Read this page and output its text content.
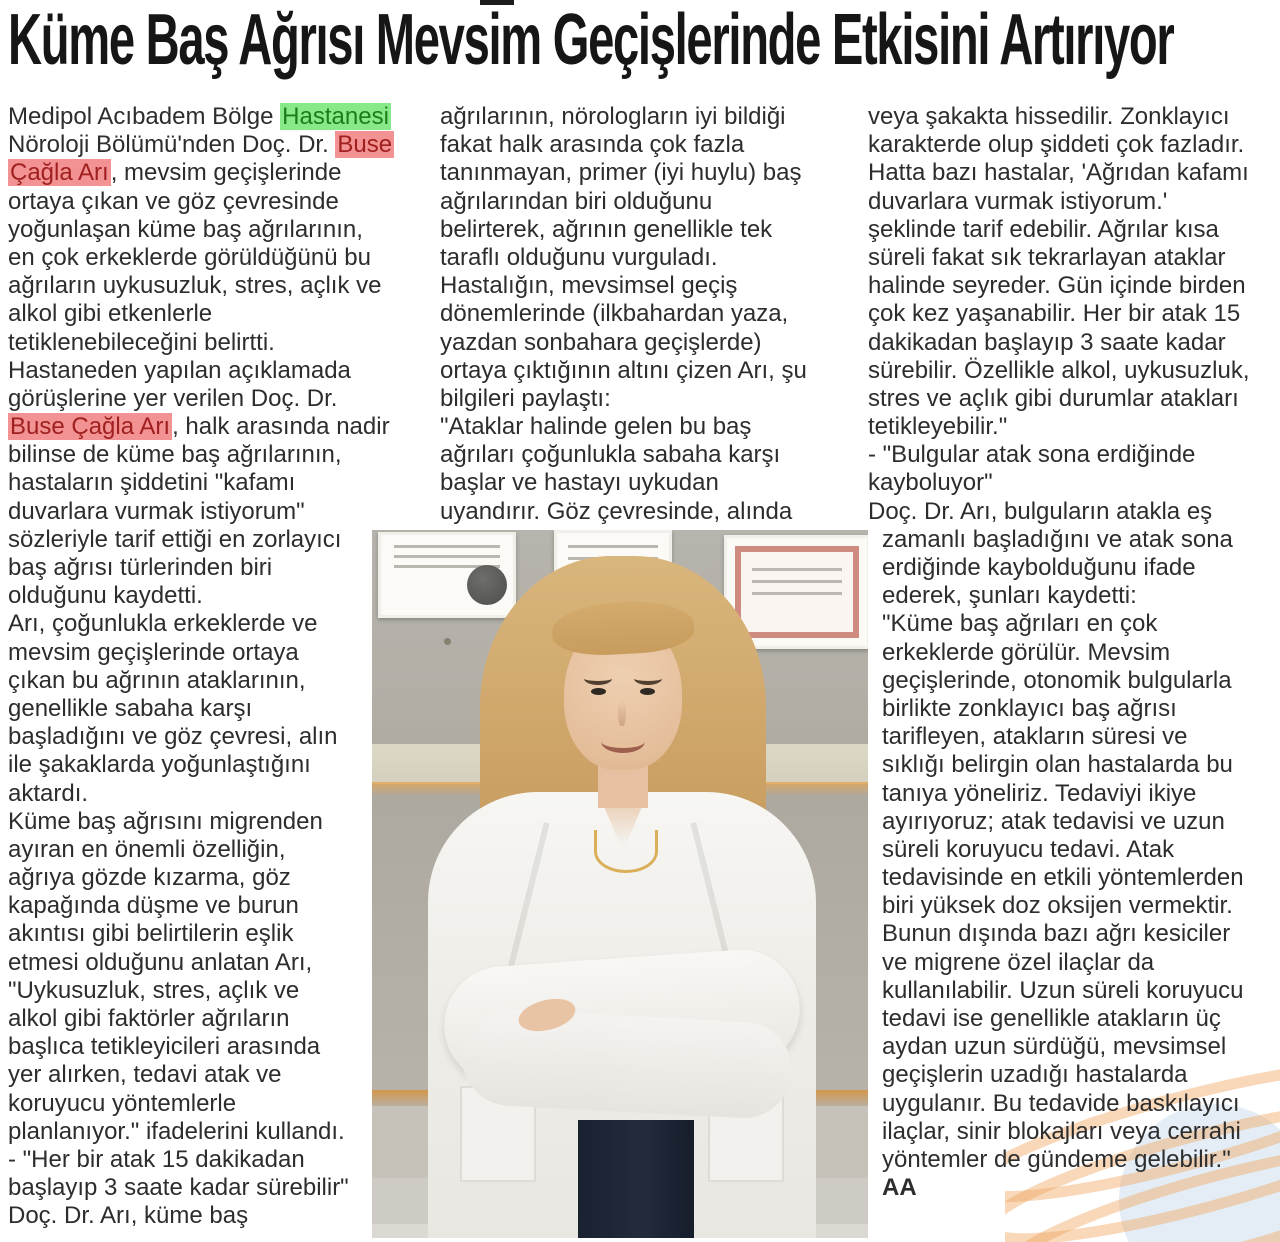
Küme Baş Ağrısı Mevsim Geçişlerinde Etkisini Artırıyor
Medipol Acıbadem Bölge Hastanesi
Nöroloji Bölümü'nden Doç. Dr. Buse
Çağla Arı, mevsim geçişlerinde
ortaya çıkan ve göz çevresinde
yoğunlaşan küme baş ağrılarının,
en çok erkeklerde görüldüğünü bu
ağrıların uykusuzluk, stres, açlık ve
alkol gibi etkenlerle
tetiklenebileceğini belirtti.
Hastaneden yapılan açıklamada
görüşlerine yer verilen Doç. Dr.
Buse Çağla Arı, halk arasında nadir
bilinse de küme baş ağrılarının,
hastaların şiddetini "kafamı
duvarlara vurmak istiyorum"
sözleriyle tarif ettiği en zorlayıcı
baş ağrısı türlerinden biri
olduğunu kaydetti.
Arı, çoğunlukla erkeklerde ve
mevsim geçişlerinde ortaya
çıkan bu ağrının ataklarının,
genellikle sabaha karşı
başladığını ve göz çevresi, alın
ile şakaklarda yoğunlaştığını
aktardı.
Küme baş ağrısını migrenden
ayıran en önemli özelliğin,
ağrıya gözde kızarma, göz
kapağında düşme ve burun
akıntısı gibi belirtilerin eşlik
etmesi olduğunu anlatan Arı,
"Uykusuzluk, stres, açlık ve
alkol gibi faktörler ağrıların
başlıca tetikleyicileri arasında
yer alırken, tedavi atak ve
koruyucu yöntemlerle
planlanıyor." ifadelerini kullandı.
- "Her bir atak 15 dakikadan
başlayıp 3 saate kadar sürebilir"
Doç. Dr. Arı, küme baş
ağrılarının, nörologların iyi bildiği
fakat halk arasında çok fazla
tanınmayan, primer (iyi huylu) baş
ağrılarından biri olduğunu
belirterek, ağrının genellikle tek
taraflı olduğunu vurguladı.
Hastalığın, mevsimsel geçiş
dönemlerinde (ilkbahardan yaza,
yazdan sonbahara geçişlerde)
ortaya çıktığının altını çizen Arı, şu
bilgileri paylaştı:
"Ataklar halinde gelen bu baş
ağrıları çoğunlukla sabaha karşı
başlar ve hastayı uykudan
uyandırır. Göz çevresinde, alında
veya şakakta hissedilir. Zonklayıcı
karakterde olup şiddeti çok fazladır.
Hatta bazı hastalar, 'Ağrıdan kafamı
duvarlara vurmak istiyorum.'
şeklinde tarif edebilir. Ağrılar kısa
süreli fakat sık tekrarlayan ataklar
halinde seyreder. Gün içinde birden
çok kez yaşanabilir. Her bir atak 15
dakikadan başlayıp 3 saate kadar
sürebilir. Özellikle alkol, uykusuzluk,
stres ve açlık gibi durumlar atakları
tetikleyebilir."
- "Bulgular atak sona erdiğinde
kayboluyor"
Doç. Dr. Arı, bulguların atakla eş
zamanlı başladığını ve atak sona
erdiğinde kaybolduğunu ifade
ederek, şunları kaydetti:
"Küme baş ağrıları en çok
erkeklerde görülür. Mevsim
geçişlerinde, otonomik bulgularla
birlikte zonklayıcı baş ağrısı
tarifleyen, atakların süresi ve
sıklığı belirgin olan hastalarda bu
tanıya yöneliriz. Tedaviyi ikiye
ayırıyoruz; atak tedavisi ve uzun
süreli koruyucu tedavi. Atak
tedavisinde en etkili yöntemlerden
biri yüksek doz oksijen vermektir.
Bunun dışında bazı ağrı kesiciler
ve migrene özel ilaçlar da
kullanılabilir. Uzun süreli koruyucu
tedavi ise genellikle atakların üç
aydan uzun sürdüğü, mevsimsel
geçişlerin uzadığı hastalarda
uygulanır. Bu tedavide baskılayıcı
ilaçlar, sinir blokajları veya cerrahi
yöntemler de gündeme gelebilir."
AA
